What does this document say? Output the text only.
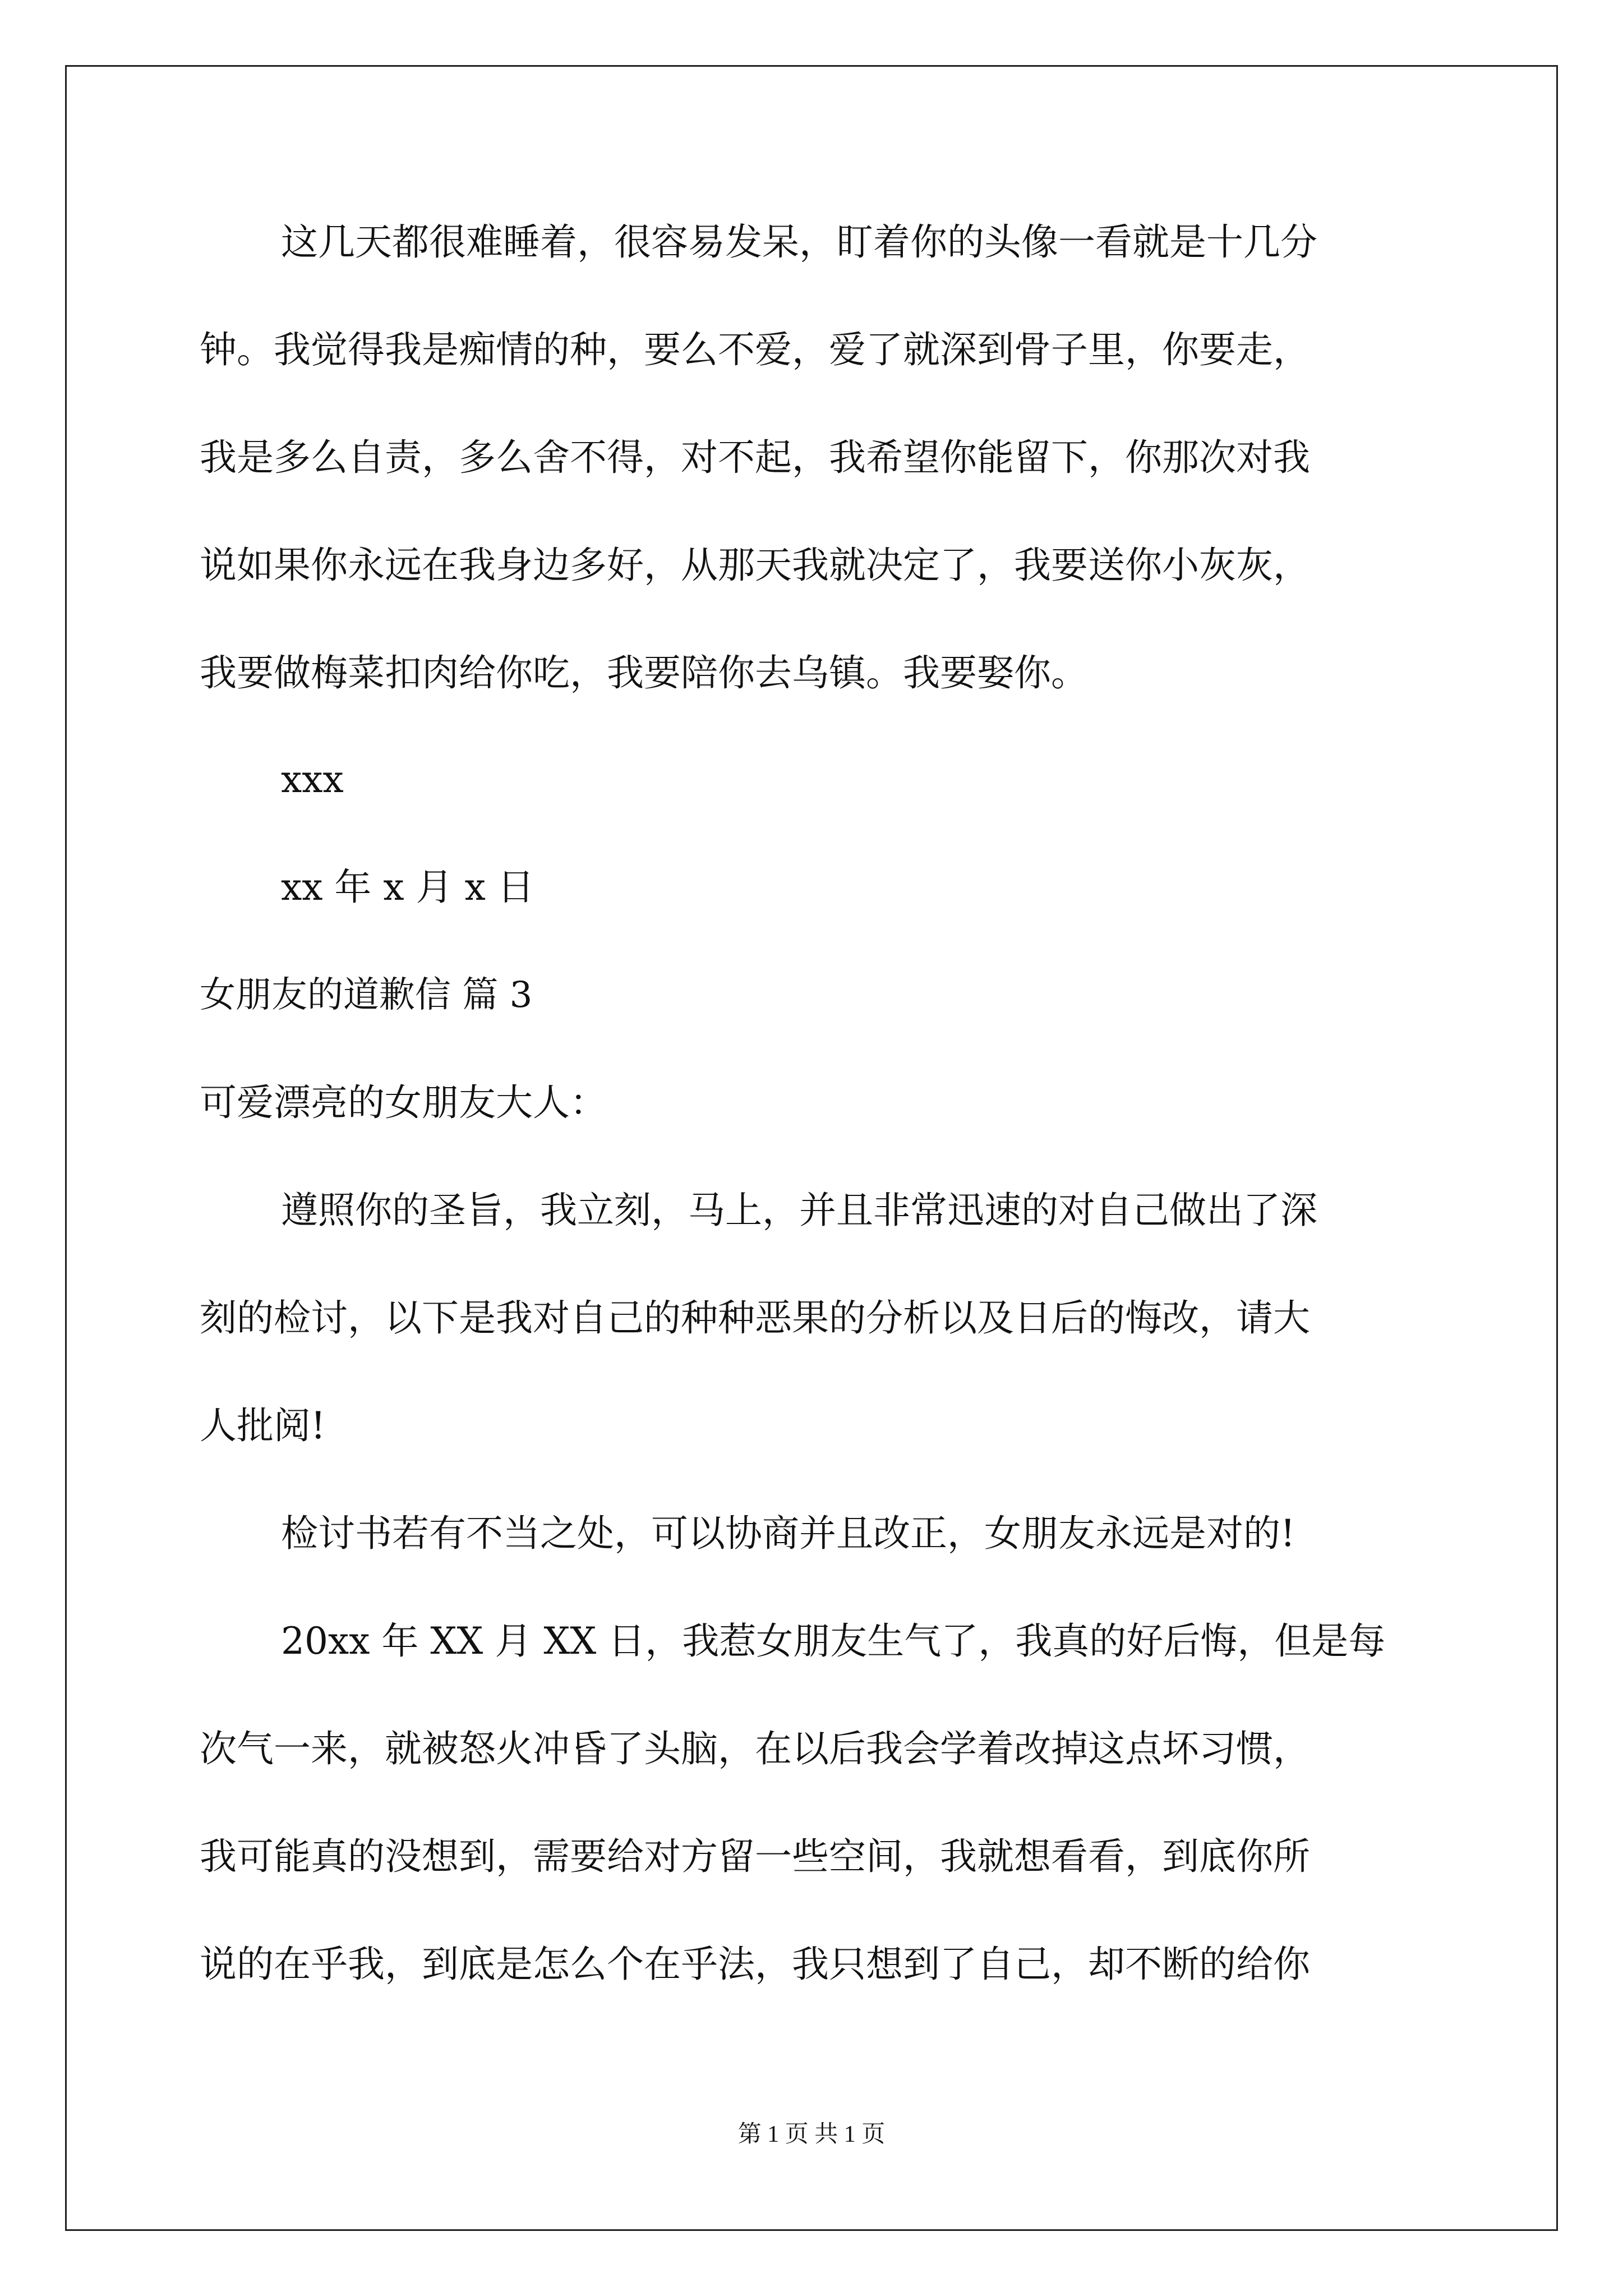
这几天都很难睡着，很容易发呆，盯着你的头像一看就是十几分
钟。我觉得我是痴情的种，要么不爱，爱了就深到骨子里，你要走，
我是多么自责，多么舍不得，对不起，我希望你能留下，你那次对我
说如果你永远在我身边多好，从那天我就决定了，我要送你小灰灰，
我要做梅菜扣肉给你吃，我要陪你去乌镇。我要娶你。
xxx
xx 年 x 月 x 日
女朋友的道歉信 篇 3
可爱漂亮的女朋友大人：
遵照你的圣旨，我立刻，马上，并且非常迅速的对自己做出了深
刻的检讨，以下是我对自己的种种恶果的分析以及日后的悔改，请大
人批阅!
检讨书若有不当之处，可以协商并且改正，女朋友永远是对的!
20xx 年 XX 月 XX 日，我惹女朋友生气了，我真的好后悔，但是每
次气一来，就被怒火冲昏了头脑，在以后我会学着改掉这点坏习惯，
我可能真的没想到，需要给对方留一些空间，我就想看看，到底你所
说的在乎我，到底是怎么个在乎法，我只想到了自己，却不断的给你
第 1 页 共 1 页
